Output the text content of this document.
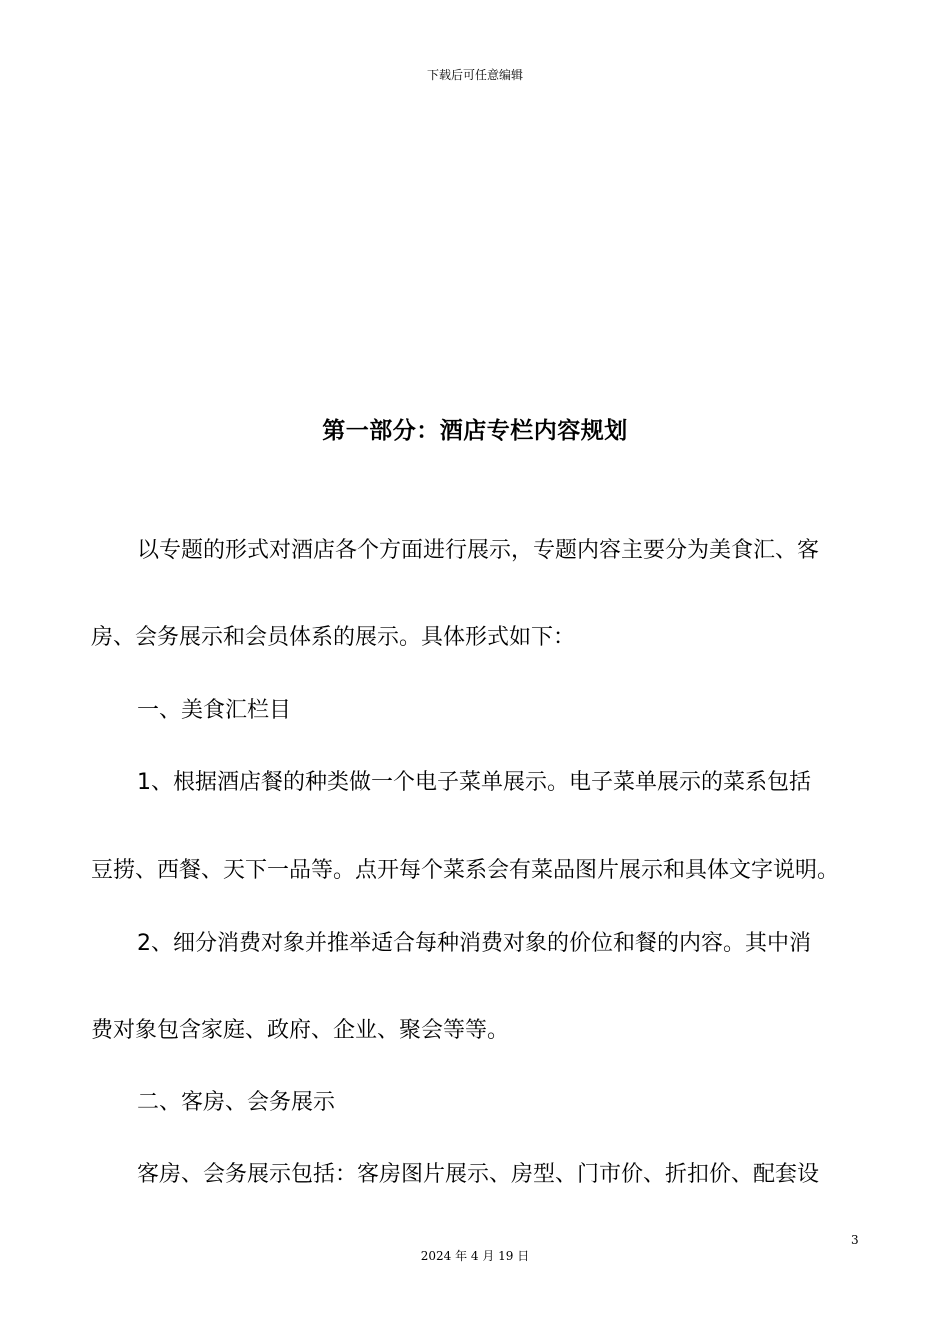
下载后可任意编辑
第一部分：酒店专栏内容规划
以专题的形式对酒店各个方面进行展示，专题内容主要分为美食汇、客
房、会务展示和会员体系的展示。具体形式如下：
一、美食汇栏目
1、根据酒店餐的种类做一个电子菜单展示。电子菜单展示的菜系包括
豆捞、西餐、天下一品等。点开每个菜系会有菜品图片展示和具体文字说明。
2、细分消费对象并推举适合每种消费对象的价位和餐的内容。其中消
费对象包含家庭、政府、企业、聚会等等。
二、客房、会务展示
客房、会务展示包括：客房图片展示、房型、门市价、折扣价、配套设
3
2024 年 4 月 19 日
